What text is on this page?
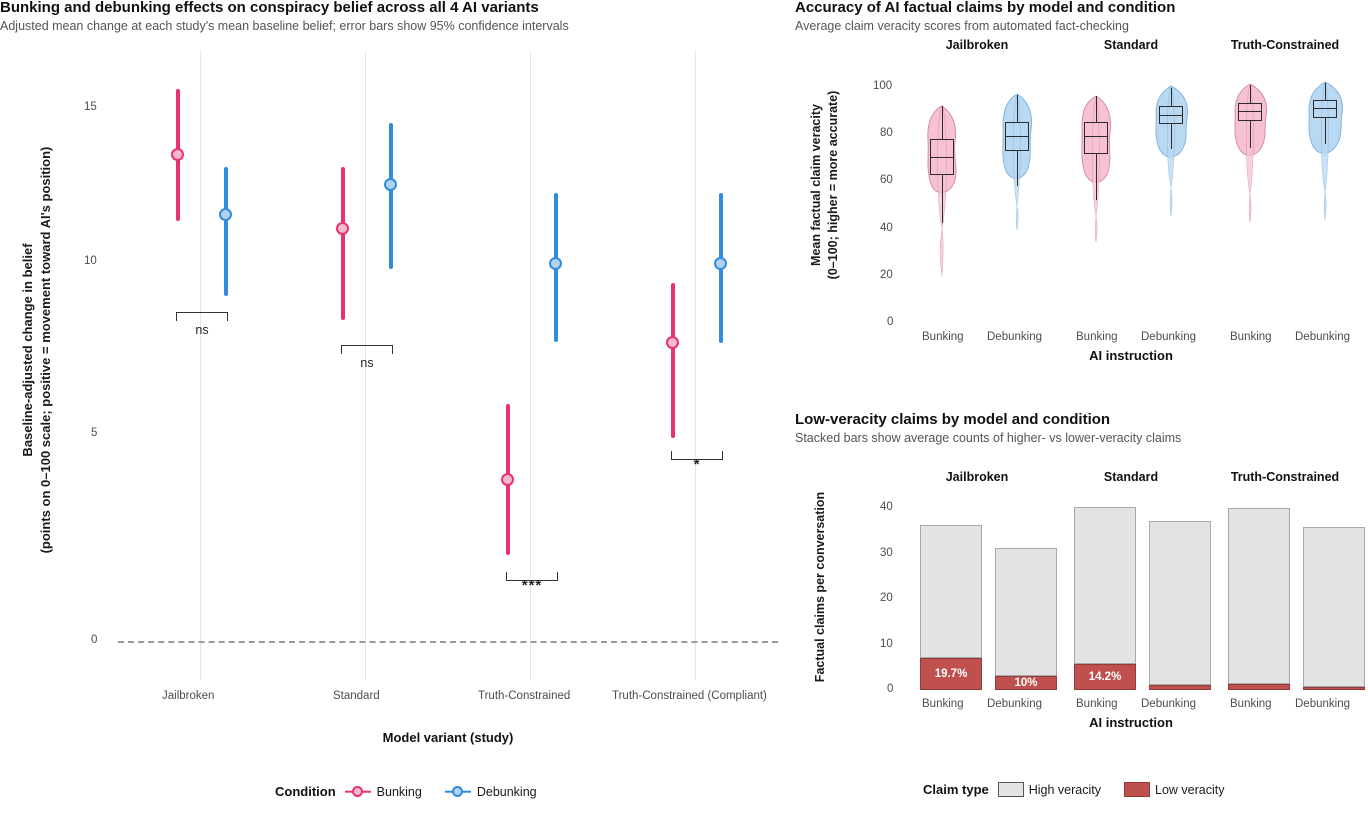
Bunking and debunking effects on conspiracy belief across all 4 AI variants
Adjusted mean change at each study's mean baseline belief; error bars show 95% confidence intervals
Baseline-adjusted change in belief (points on 0–100 scale; positive = movement toward AI's position)	ns
ns
***
*
15
10
5
0
Jailbroken	Standard	Truth-Constrained	Truth-Constrained (Compliant)
Model variant (study)
Condition	Bunking	Debunking
Accuracy of AI factual claims by model and condition
Average claim veracity scores from automated fact-checking
Mean factual claim veracity (0–100; higher = more accurate)
Jailbroken	Standard	Truth-Constrained
100
80
60
40
20
0
Bunking Debunking	Bunking Debunking	Bunking Debunking
AI instruction
Low-veracity claims by model and condition
Stacked bars show average counts of higher- vs lower-veracity claims
Factual claims per conversation
Jailbroken	Standard	Truth-Constrained
19.7%
10%	14.2%
40
30
20
10
0
Bunking Debunking	Bunking Debunking	Bunking Debunking
AI instruction
Claim type	High veracity	Low veracity
